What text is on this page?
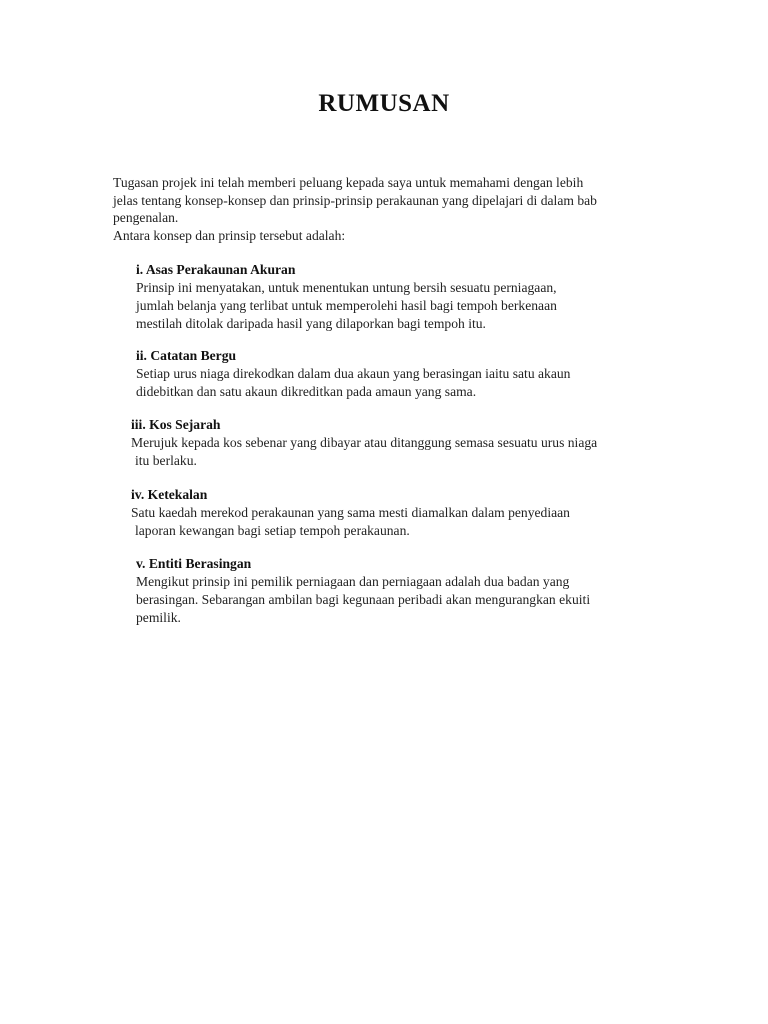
RUMUSAN

Tugasan projek ini telah memberi peluang kepada saya untuk memahami dengan lebih

jelas tentang konsep-konsep dan prinsip-prinsip perakaunan yang dipelajari di dalam bab

pengenalan.

Antara konsep dan prinsip tersebut adalah:

i. Asas Perakaunan Akuran

Prinsip ini menyatakan, untuk menentukan untung bersih sesuatu perniagaan,
jumlah belanja yang terlibat untuk memperolehi hasil bagi tempoh berkenaan
mestilah ditolak daripada hasil yang dilaporkan bagi tempoh itu.

ii. Catatan Bergu

Setiap urus niaga direkodkan dalam dua akaun yang berasingan iaitu satu akaun
didebitkan dan satu akaun dikreditkan pada amaun yang sama.

iii. Kos Sejarah

Merujuk kepada kos sebenar yang dibayar atau ditanggung semasa sesuatu urus niaga
itu berlaku.

iv. Ketekalan

Satu kaedah merekod perakaunan yang sama mesti diamalkan dalam penyediaan
laporan kewangan bagi setiap tempoh perakaunan.

v. Entiti Berasingan

Mengikut prinsip ini pemilik perniagaan dan perniagaan adalah dua badan yang
berasingan. Sebarangan ambilan bagi kegunaan peribadi akan mengurangkan ekuiti
pemilik.
